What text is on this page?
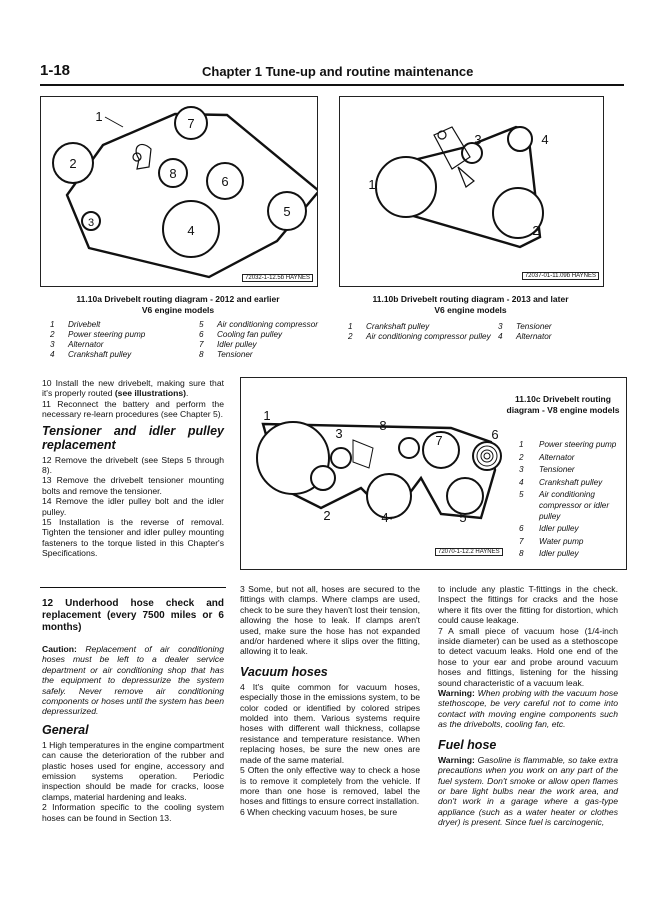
1-18	Chapter 1 Tune-up and routine maintenance
1
2
3	4
5
6
7
8
72032-1-12.5b HAYNES
11.10a Drivebelt routing diagram - 2012 and earlier
V6 engine models
1	Drivebelt	5	Air conditioning compressor
2	Power steering pump	6	Cooling fan pulley
3	Alternator	7	Idler pulley
4	Crankshaft pulley	8	Tensioner
1
2
3	4
72037-01-11.09b HAYNES
11.10b Drivebelt routing diagram - 2013 and later
V6 engine models
1	Crankshaft pulley	3	Tensioner
2	Air conditioning compressor pulley	4	Alternator
1
2
3
4	5
6
7
8
72070-1-12.2 HAYNES
11.10c Drivebelt routing diagram - V8 engine models
1	Power steering pump
2	Alternator
3	Tensioner
4	Crankshaft pulley
5	Air conditioning compressor or idler pulley
6	Idler pulley
7	Water pump
8	Idler pulley

10 Install the new drivebelt, making sure that it's properly routed (see illustrations).

11 Reconnect the battery and perform the necessary re-learn procedures (see Chapter 5).

Tensioner and idler pulley replacement

12 Remove the drivebelt (see Steps 5 through 8).

13 Remove the drivebelt tensioner mounting bolts and remove the tensioner.

14 Remove the idler pulley bolt and the idler pulley.

15 Installation is the reverse of removal. Tighten the tensioner and idler pulley mounting fasteners to the torque listed in this Chapter's Specifications.

12 Underhood hose check and replacement (every 7500 miles or 6 months)

Caution: Replacement of air conditioning hoses must be left to a dealer service department or air conditioning shop that has the equipment to depressurize the system safely. Never remove air conditioning components or hoses until the system has been depressurized.

General

1 High temperatures in the engine compartment can cause the deterioration of the rubber and plastic hoses used for engine, accessory and emission systems operation. Periodic inspection should be made for cracks, loose clamps, material hardening and leaks.

2 Information specific to the cooling system hoses can be found in Section 13.

3 Some, but not all, hoses are secured to the fittings with clamps. Where clamps are used, check to be sure they haven't lost their tension, allowing the hose to leak. If clamps aren't used, make sure the hose has not expanded and/or hardened where it slips over the fitting, allowing it to leak.

Vacuum hoses

4 It's quite common for vacuum hoses, especially those in the emissions system, to be color coded or identified by colored stripes molded into them. Various systems require hoses with different wall thickness, collapse resistance and temperature resistance. When replacing hoses, be sure the new ones are made of the same material.

5 Often the only effective way to check a hose is to remove it completely from the vehicle. If more than one hose is removed, label the hoses and fittings to ensure correct installation.

6 When checking vacuum hoses, be sure

to include any plastic T-fittings in the check. Inspect the fittings for cracks and the hose where it fits over the fitting for distortion, which could cause leakage.

7 A small piece of vacuum hose (1/4-inch inside diameter) can be used as a stethoscope to detect vacuum leaks. Hold one end of the hose to your ear and probe around vacuum hoses and fittings, listening for the hissing sound characteristic of a vacuum leak.

Warning: When probing with the vacuum hose stethoscope, be very careful not to come into contact with moving engine components such as the drivebolts, cooling fan, etc.

Fuel hose

Warning: Gasoline is flammable, so take extra precautions when you work on any part of the fuel system. Don't smoke or allow open flames or bare light bulbs near the work area, and don't work in a garage where a gas-type appliance (such as a water heater or clothes dryer) is present. Since fuel is carcinogenic,
